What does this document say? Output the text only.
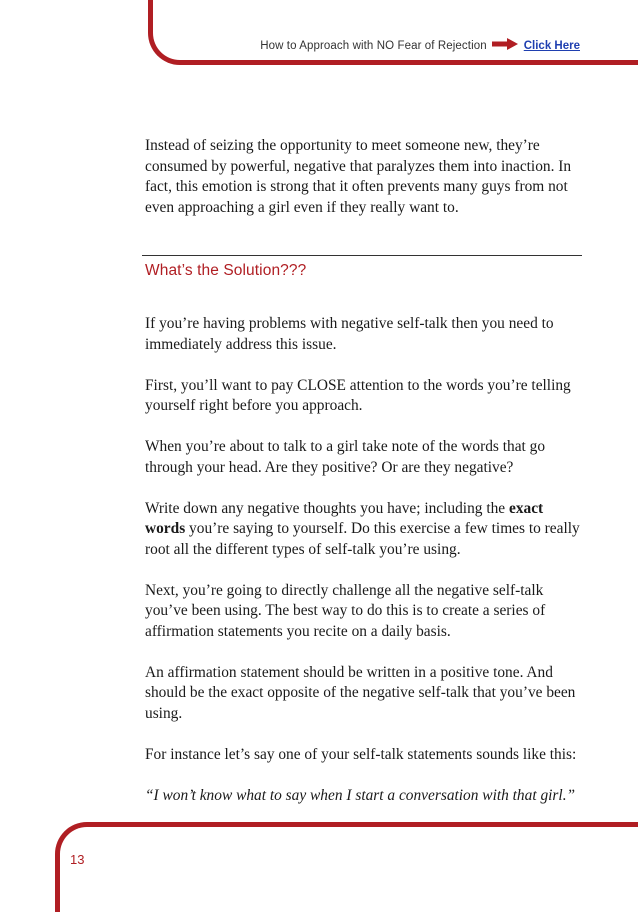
How to Approach with NO Fear of Rejection	Click Here

Instead of seizing the opportunity to meet someone new, they’re consumed by powerful, negative that paralyzes them into inaction. In fact, this emotion is strong that it often prevents many guys from not even approaching a girl even if they really want to.

What’s the Solution???

If you’re having problems with negative self-talk then you need to immediately address this issue.

First, you’ll want to pay CLOSE attention to the words you’re telling yourself right before you approach.

When you’re about to talk to a girl take note of the words that go through your head. Are they positive? Or are they negative?

Write down any negative thoughts you have; including the exact words you’re saying to yourself. Do this exercise a few times to really root all the different types of self-talk you’re using.

Next, you’re going to directly challenge all the negative self-talk you’ve been using. The best way to do this is to create a series of affirmation statements you recite on a daily basis.

An affirmation statement should be written in a positive tone. And should be the exact opposite of the negative self-talk that you’ve been using.

For instance let’s say one of your self-talk statements sounds like this:

“I won’t know what to say when I start a conversation with that girl.”

13
